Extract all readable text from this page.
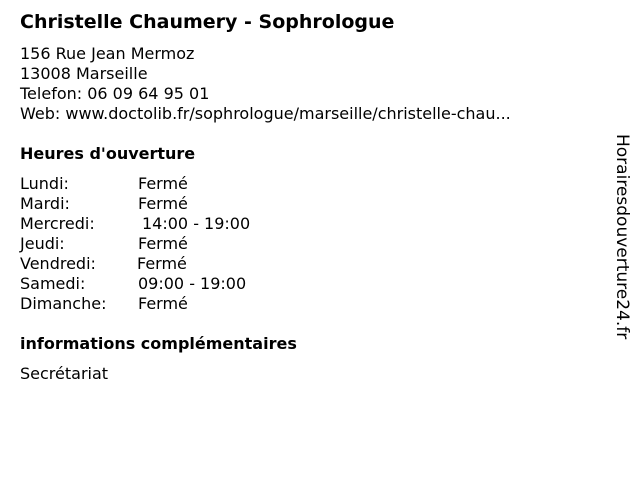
Christelle Chaumery - Sophrologue
156 Rue Jean Mermoz
13008 Marseille
Telefon: 06 09 64 95 01
Web: www.doctolib.fr/sophrologue/marseille/christelle-chau...
Heures d'ouverture
Lundi:	Fermé
Mardi:	Fermé
Mercredi:	14:00 - 19:00
Jeudi:	Fermé
Vendredi:	Fermé
Samedi:	09:00 - 19:00
Dimanche: Fermé
informations complémentaires
Secrétariat
Horairesdouverture24.fr
